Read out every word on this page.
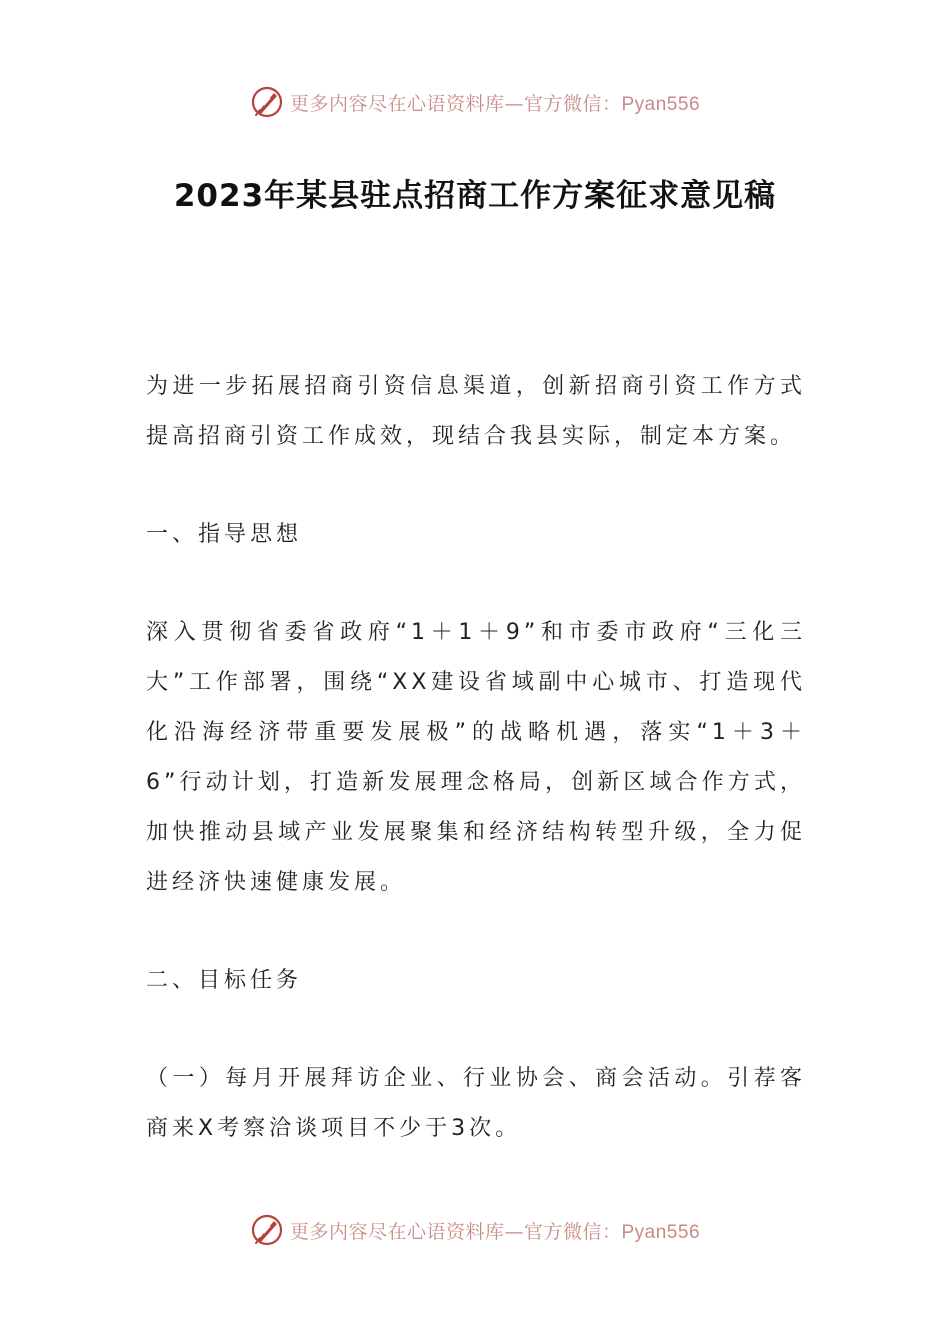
更多内容尽在心语资料库—官方微信：Pyan556
2023年某县驻点招商工作方案征求意见稿

为进一步拓展招商引资信息渠道，创新招商引资工作方式提高招商引资工作成效，现结合我县实际，制定本方案。

一、指导思想

深入贯彻省委省政府“1＋1＋9”和市委市政府“三化三大”工作部署，围绕“XX建设省域副中心城市、打造现代化沿海经济带重要发展极”的战略机遇，落实“1＋3＋6”行动计划，打造新发展理念格局，创新区域合作方式，加快推动县域产业发展聚集和经济结构转型升级，全力促进经济快速健康发展。

二、目标任务

（一）每月开展拜访企业、行业协会、商会活动。引荐客商来X考察洽谈项目不少于3次。

更多内容尽在心语资料库—官方微信：Pyan556
